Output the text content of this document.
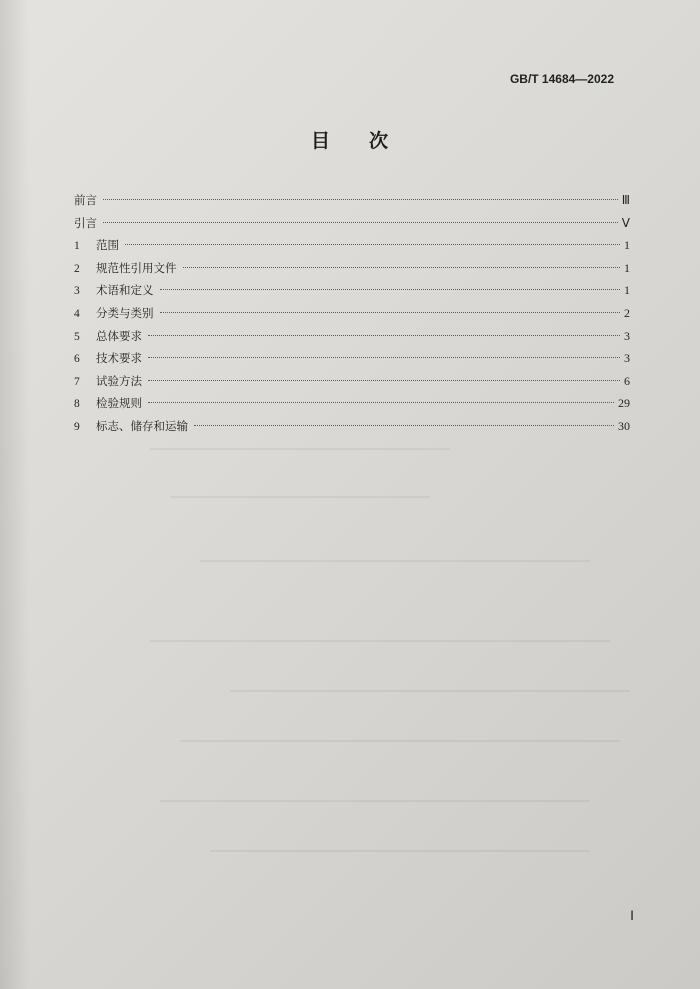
GB/T 14684—2022
目 次
前言	Ⅲ
引言	Ⅴ
1	范围	1
2	规范性引用文件	1
3	术语和定义	1
4	分类与类别	2
5	总体要求	3
6	技术要求	3
7	试验方法	6
8	检验规则	29
9	标志、储存和运输	30
Ⅰ
